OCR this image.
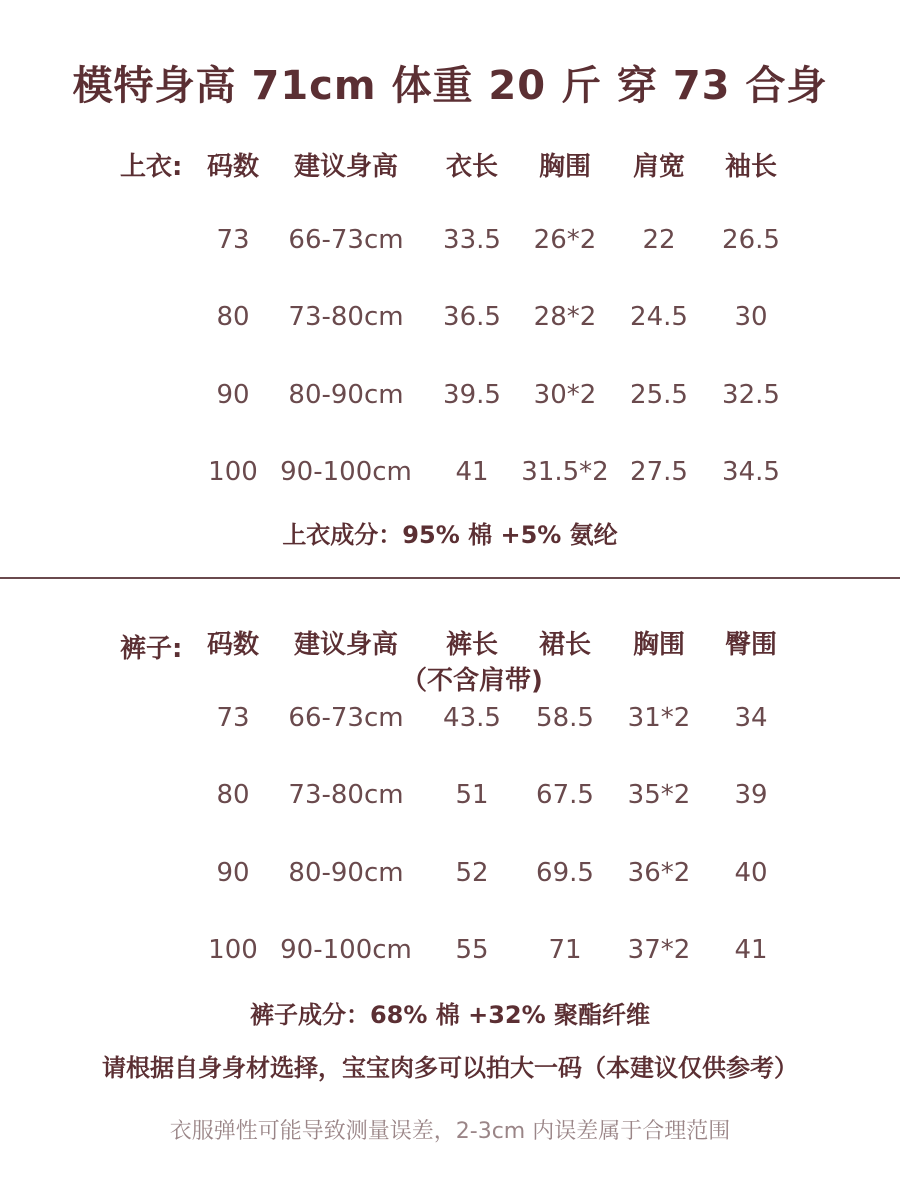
模特身高 71cm 体重 20 斤 穿 73 合身
上衣: 码数	建议身高	衣长	胸围	肩宽	袖长
73	66-73cm	33.5	26*2	22	26.5
80	73-80cm	36.5	28*2	24.5	30
90	80-90cm	39.5	30*2	25.5	32.5
100 90-100cm	41	31.5*2 27.5	34.5
上衣成分：95% 棉 +5% 氨纶
裤子: 码数	建议身高	裤长	裙长	胸围	臀围
（不含肩带)
73	66-73cm	43.5	58.5	31*2	34
80	73-80cm	51	67.5	35*2	39
90	80-90cm	52	69.5	36*2	40
100 90-100cm	55	71	37*2	41
裤子成分：68% 棉 +32% 聚酯纤维
请根据自身身材选择，宝宝肉多可以拍大一码（本建议仅供参考）
衣服弹性可能导致测量误差，2-3cm 内误差属于合理范围
